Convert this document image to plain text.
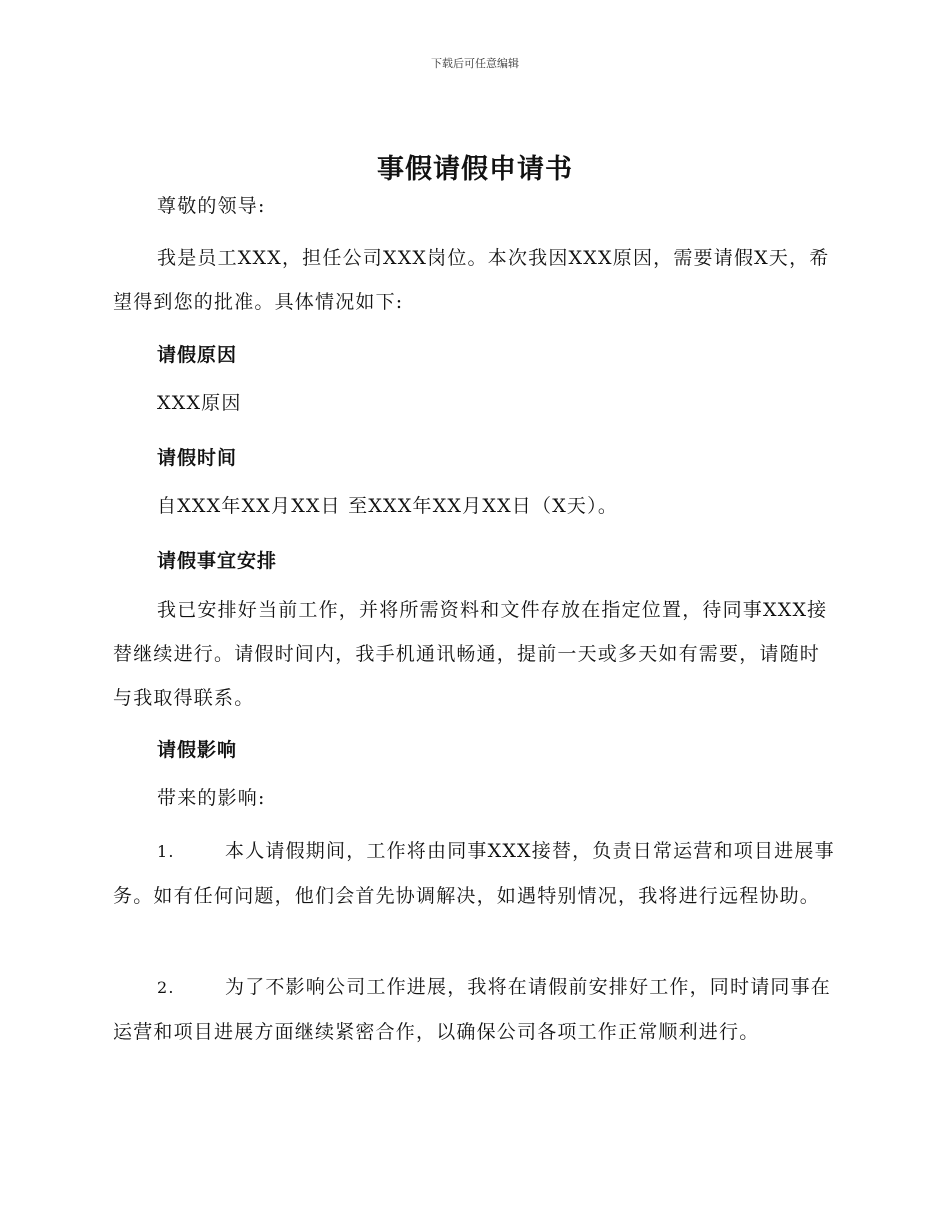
下载后可任意编辑
事假请假申请书

尊敬的领导:

我是员工XXX，担任公司XXX岗位。本次我因XXX原因，需要请假X天，希望得到您的批准。具体情况如下:

请假原因

XXX原因

请假时间

自XXX年XX月XX日 至XXX年XX月XX日（X天）。

请假事宜安排

我已安排好当前工作，并将所需资料和文件存放在指定位置，待同事XXX接替继续进行。请假时间内，我手机通讯畅通，提前一天或多天如有需要，请随时与我取得联系。

请假影响

带来的影响:

1.	本人请假期间，工作将由同事XXX接替，负责日常运营和项目进展事务。如有任何问题，他们会首先协调解决，如遇特别情况，我将进行远程协助。
2.	为了不影响公司工作进展，我将在请假前安排好工作，同时请同事在运营和项目进展方面继续紧密合作，以确保公司各项工作正常顺利进行。
